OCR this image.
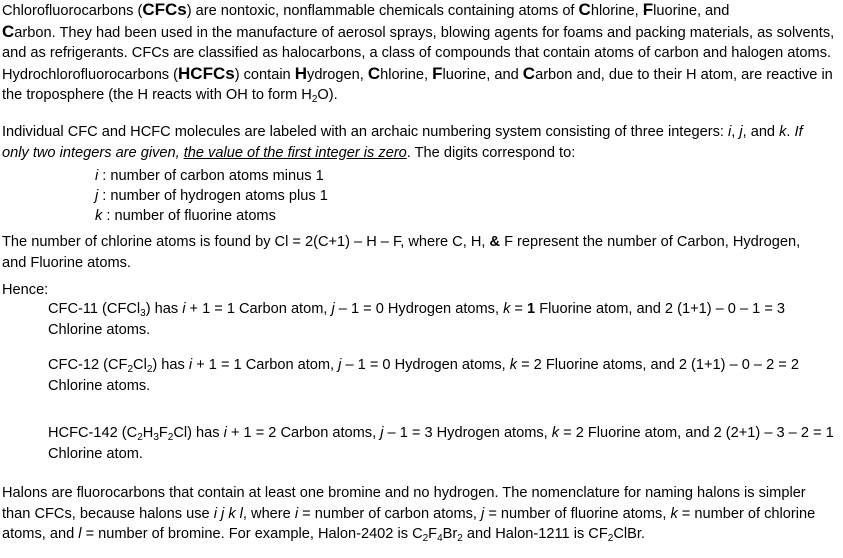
Chlorofluorocarbons (CFCs) are nontoxic, nonflammable chemicals containing atoms of Chlorine, Fluorine, and
Carbon. They had been used in the manufacture of aerosol sprays, blowing agents for foams and packing materials, as solvents, and as refrigerants. CFCs are classified as halocarbons, a class of compounds that contain atoms of carbon and halogen atoms. Hydrochlorofluorocarbons (HCFCs) contain Hydrogen, Chlorine, Fluorine, and Carbon and, due to their H atom, are reactive in the troposphere (the H reacts with OH to form $H_2O$).

Individual CFC and HCFC molecules are labeled with an archaic numbering system consisting of three integers: i, j, and k. If only two integers are given, the value of the first integer is zero. The digits correspond to:

i : number of carbon atoms minus 1

j : number of hydrogen atoms plus 1

k : number of fluorine atoms

The number of chlorine atoms is found by Cl = 2(C+1) – H – F, where C, H, & F represent the number of Carbon, Hydrogen, and Fluorine atoms.

Hence:

CFC-11 (CFCl$_3$) has i + 1 = 1 Carbon atom, j – 1 = 0 Hydrogen atoms, k = 1 Fluorine atom, and 2 (1+1) – 0 – 1 = 3 Chlorine atoms.

CFC-12 $(CF_2Cl_2)$ has i + 1 = 1 Carbon atom, j – 1 = 0 Hydrogen atoms, k = 2 Fluorine atoms, and 2 (1+1) – 0 – 2 = 2 Chlorine atoms.

HCFC-142 $(C_2H_3F_2Cl)$ has i + 1 = 2 Carbon atoms, j – 1 = 3 Hydrogen atoms, k = 2 Fluorine atom, and 2 (2+1) – 3 – 2 = 1 Chlorine atom.

Halons are fluorocarbons that contain at least one bromine and no hydrogen. The nomenclature for naming halons is simpler than CFCs, because halons use i j k l, where i = number of carbon atoms, j = number of fluorine atoms, k = number of chlorine atoms, and l = number of bromine. For example, Halon-2402 is $C_2F_4Br_2$ and Halon-1211 is $CF_2ClBr$.
